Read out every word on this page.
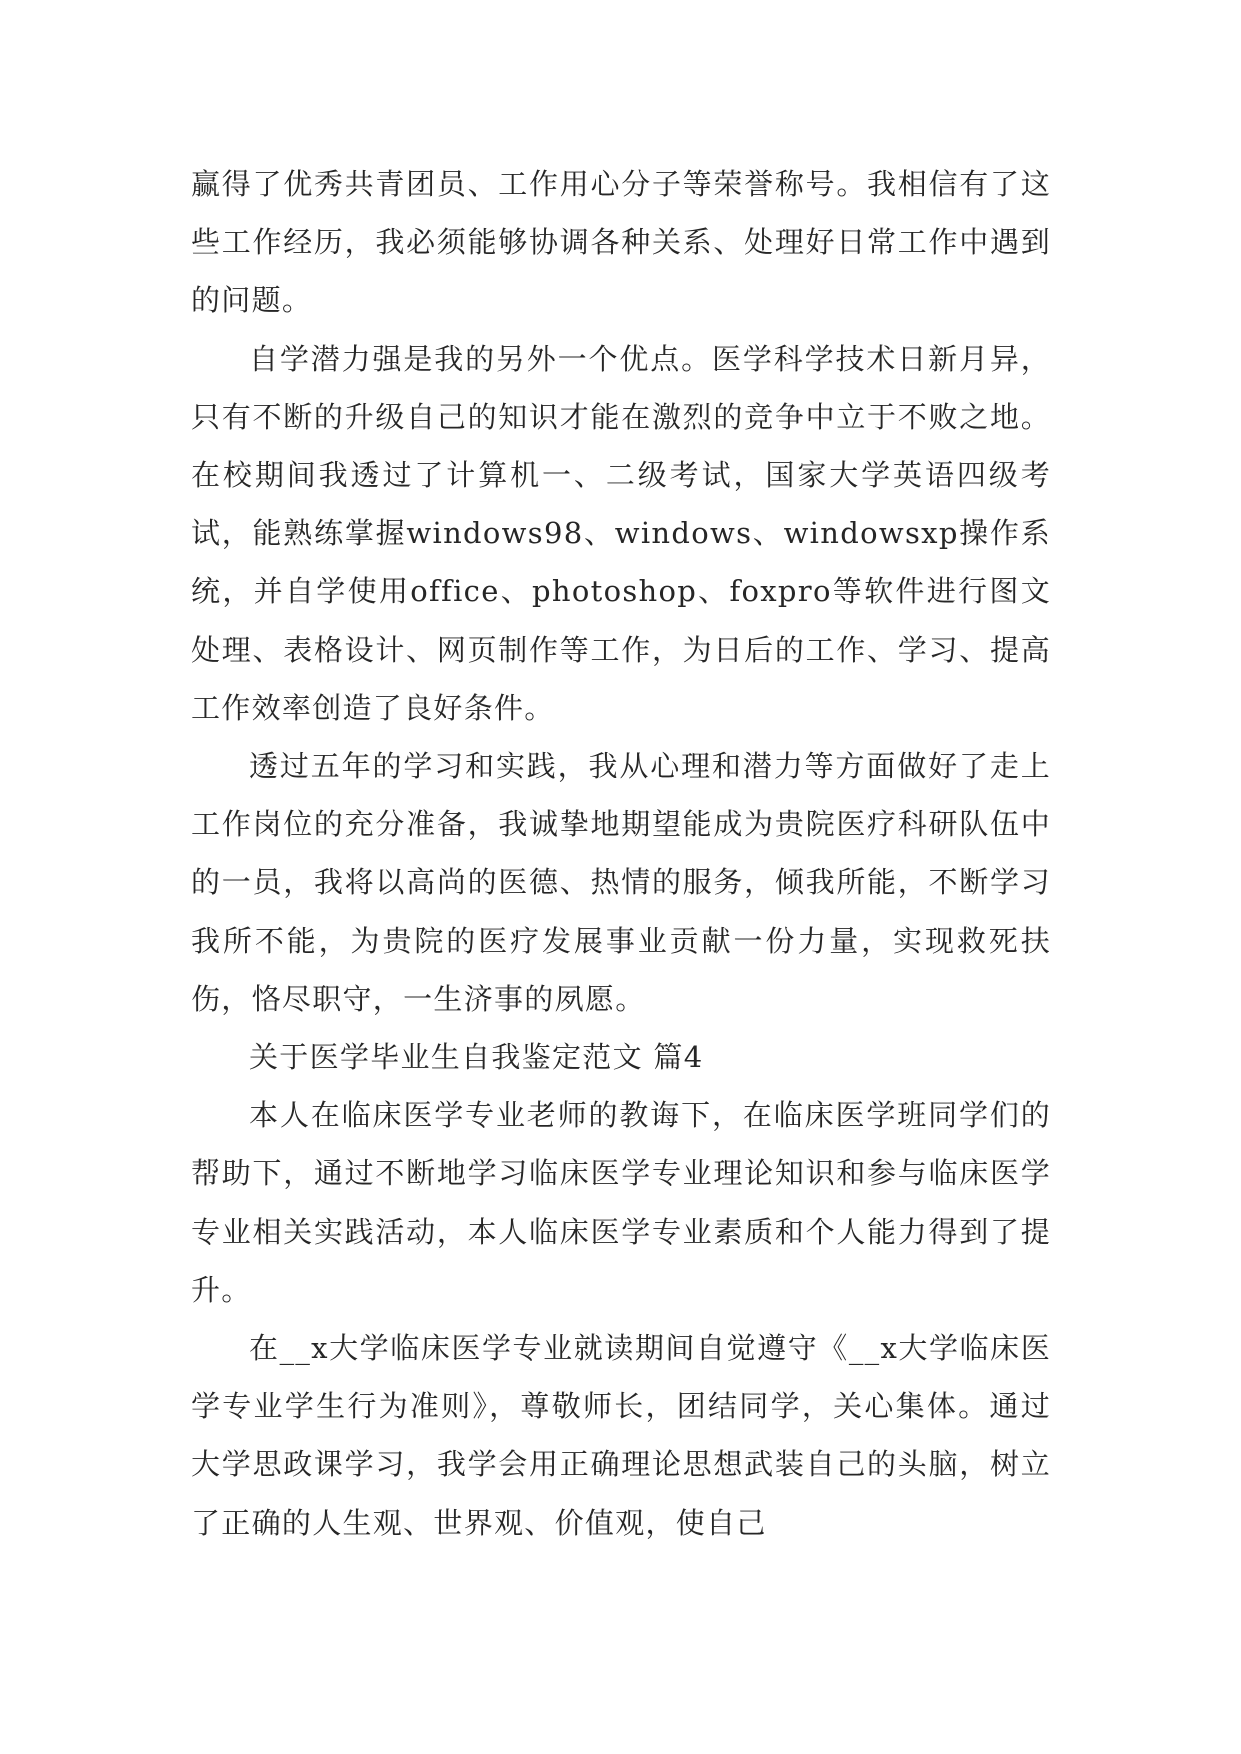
赢得了优秀共青团员、工作用心分子等荣誉称号。我相信有了这些工作经历，我必须能够协调各种关系、处理好日常工作中遇到的问题。

自学潜力强是我的另外一个优点。医学科学技术日新月异，只有不断的升级自己的知识才能在激烈的竞争中立于不败之地。在校期间我透过了计算机一、二级考试，国家大学英语四级考试，能熟练掌握windows98、windows、windowsxp操作系统，并自学使用office、photoshop、foxpro等软件进行图文处理、表格设计、网页制作等工作，为日后的工作、学习、提高工作效率创造了良好条件。

透过五年的学习和实践，我从心理和潜力等方面做好了走上工作岗位的充分准备，我诚挚地期望能成为贵院医疗科研队伍中的一员，我将以高尚的医德、热情的服务，倾我所能，不断学习我所不能，为贵院的医疗发展事业贡献一份力量，实现救死扶伤，恪尽职守，一生济事的夙愿。

关于医学毕业生自我鉴定范文 篇4

本人在临床医学专业老师的教诲下，在临床医学班同学们的帮助下，通过不断地学习临床医学专业理论知识和参与临床医学专业相关实践活动，本人临床医学专业素质和个人能力得到了提升。

在__x大学临床医学专业就读期间自觉遵守《__x大学临床医学专业学生行为准则》，尊敬师长，团结同学，关心集体。通过大学思政课学习，我学会用正确理论思想武装自己的头脑，树立了正确的人生观、世界观、价值观，使自己
